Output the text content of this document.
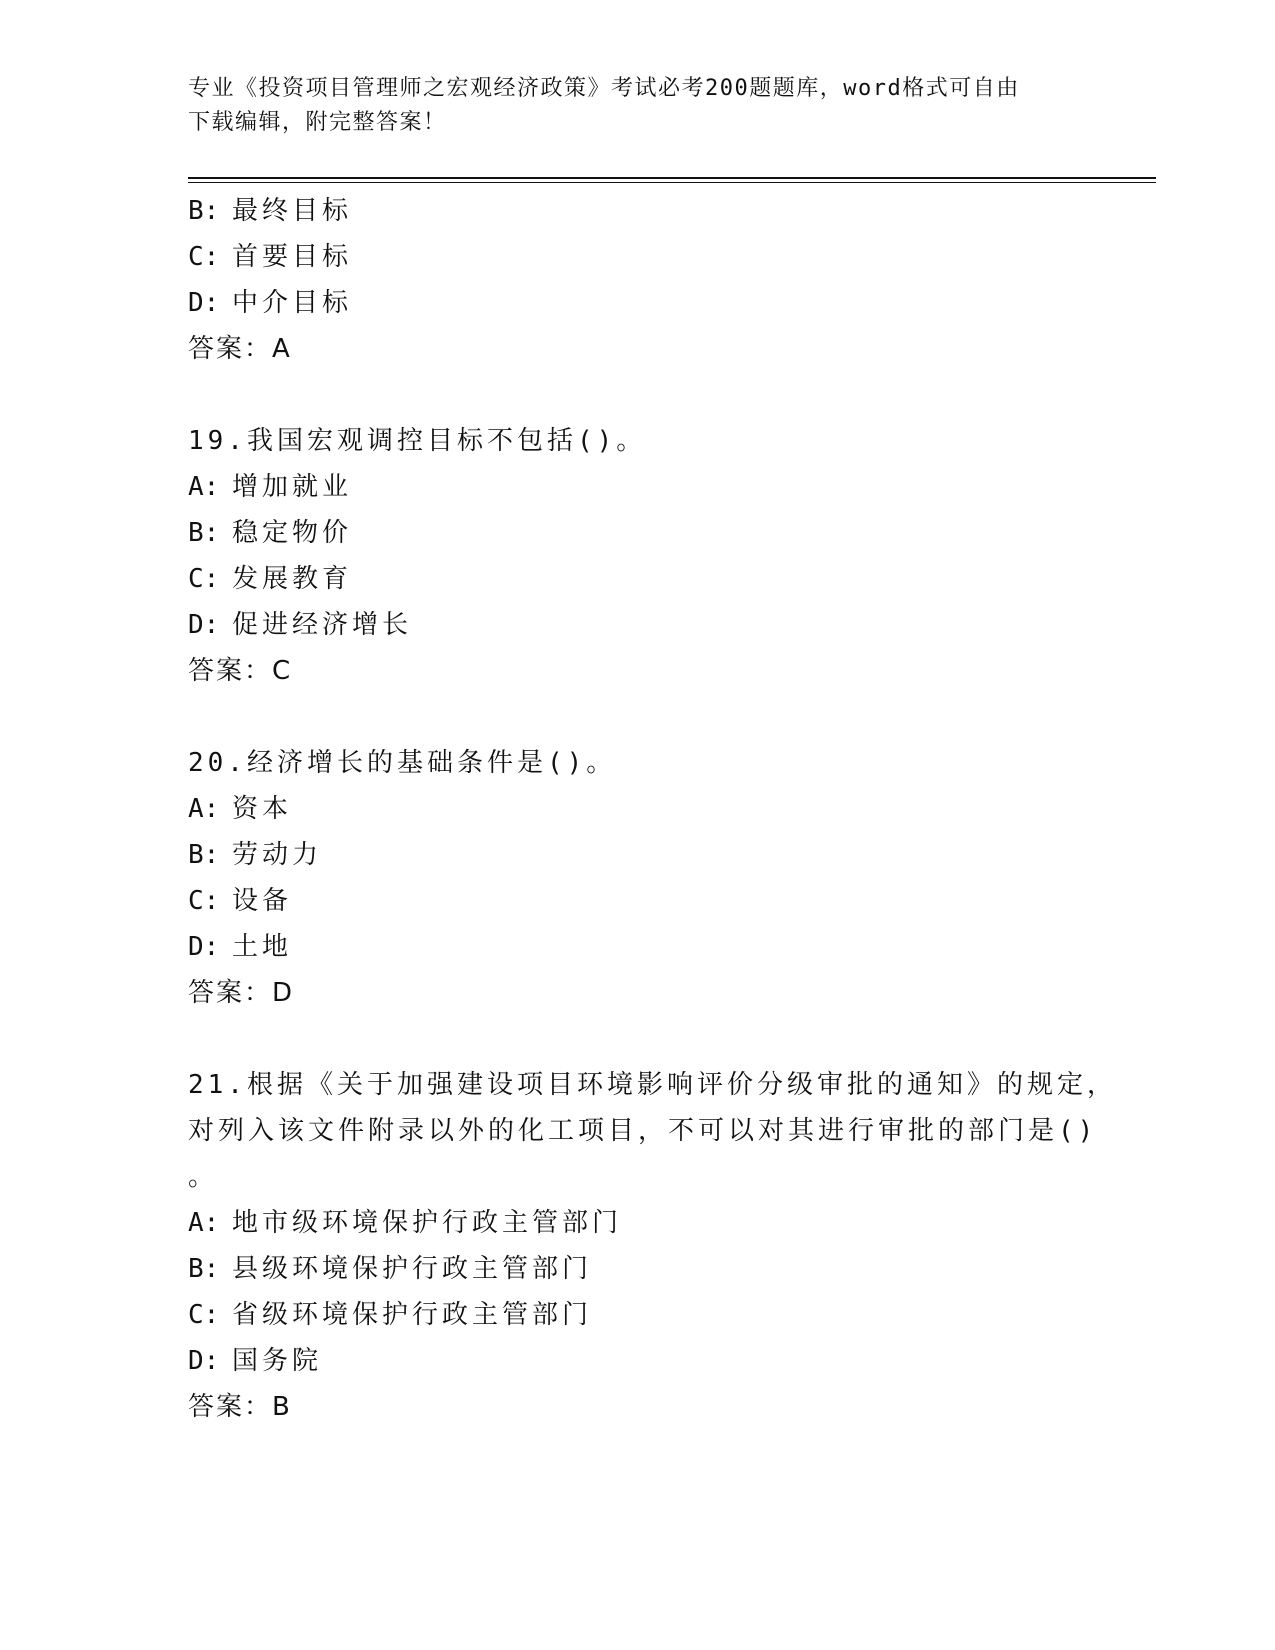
专业《投资项目管理师之宏观经济政策》考试必考200题题库，word格式可自由
下载编辑，附完整答案！
B: 最终目标
C: 首要目标
D: 中介目标
答案：A
19.我国宏观调控目标不包括()。
A: 增加就业
B: 稳定物价
C: 发展教育
D: 促进经济增长
答案：C
20.经济增长的基础条件是()。
A: 资本
B: 劳动力
C: 设备
D: 土地
答案：D
21.根据《关于加强建设项目环境影响评价分级审批的通知》的规定，
对列入该文件附录以外的化工项目，不可以对其进行审批的部门是()
。
A: 地市级环境保护行政主管部门
B: 县级环境保护行政主管部门
C: 省级环境保护行政主管部门
D: 国务院
答案：B
